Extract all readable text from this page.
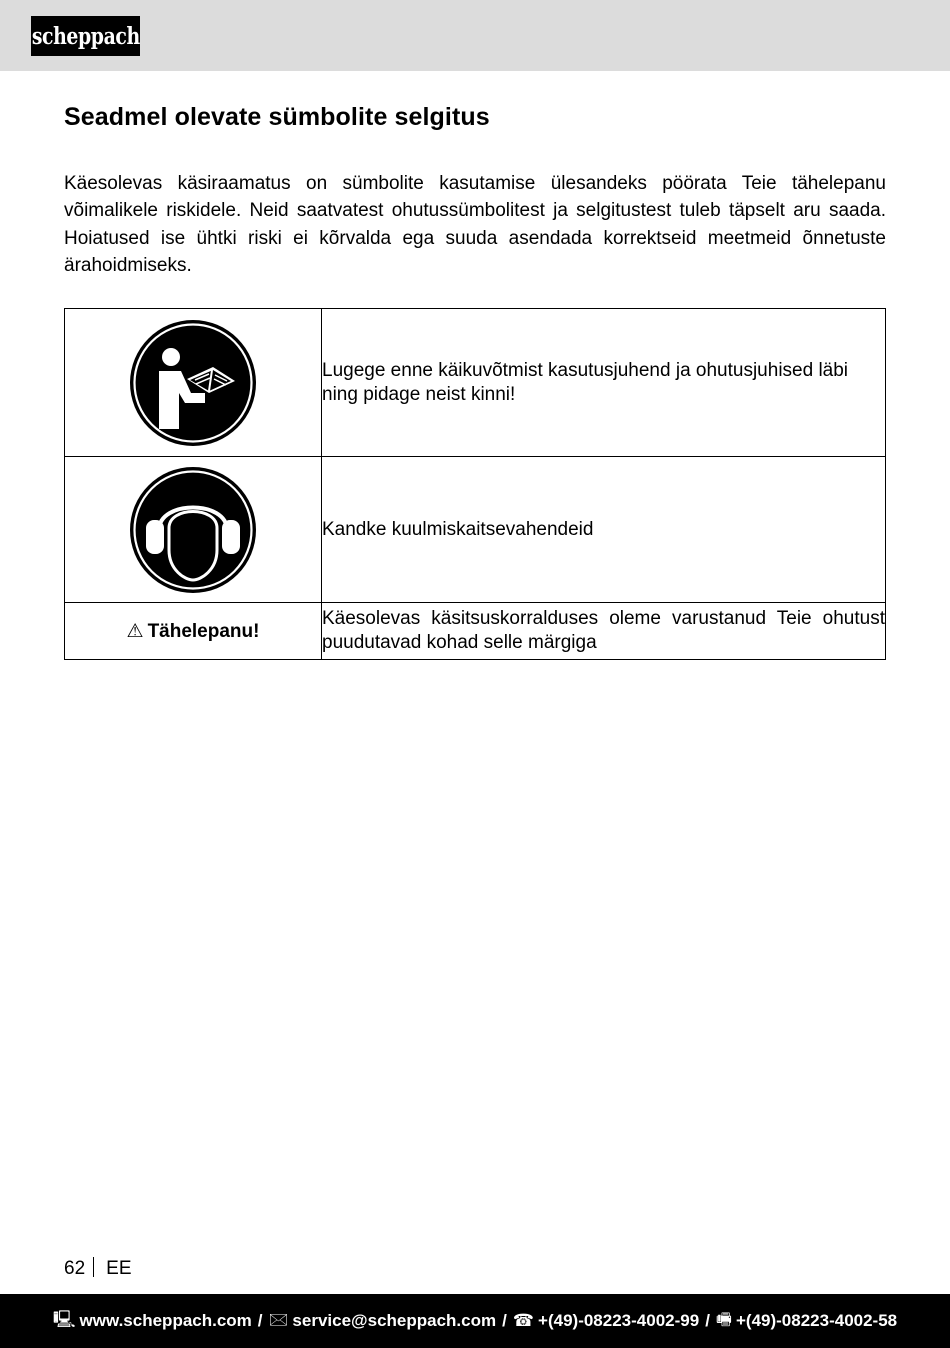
scheppach
Seadmel olevate sümbolite selgitus

Käesolevas käsiraamatus on sümbolite kasutamise ülesandeks pöörata Teie tähelepanu võimalikele riskidele. Neid saatvatest ohutussümbolitest ja selgitustest tuleb täpselt aru saada. Hoiatused ise ühtki riski ei kõrvalda ega suuda asendada korrektseid meetmeid õnnetuste ärahoidmiseks.

	Lugege enne käikuvõtmist kasutusjuhend ja ohutusjuhised läbi ning pidage neist kinni!

	Kandke kuulmiskaitsevahendeid
⚠ Tähelepanu!	Käesolevas käsitsuskorralduses oleme varustanud Teie ohutust puudutavad kohad selle märgiga
62 EE
🖳 www.scheppach.com / 🖂 service@scheppach.com / ☎ +(49)-08223-4002-99 / 🖷 +(49)-08223-4002-58
